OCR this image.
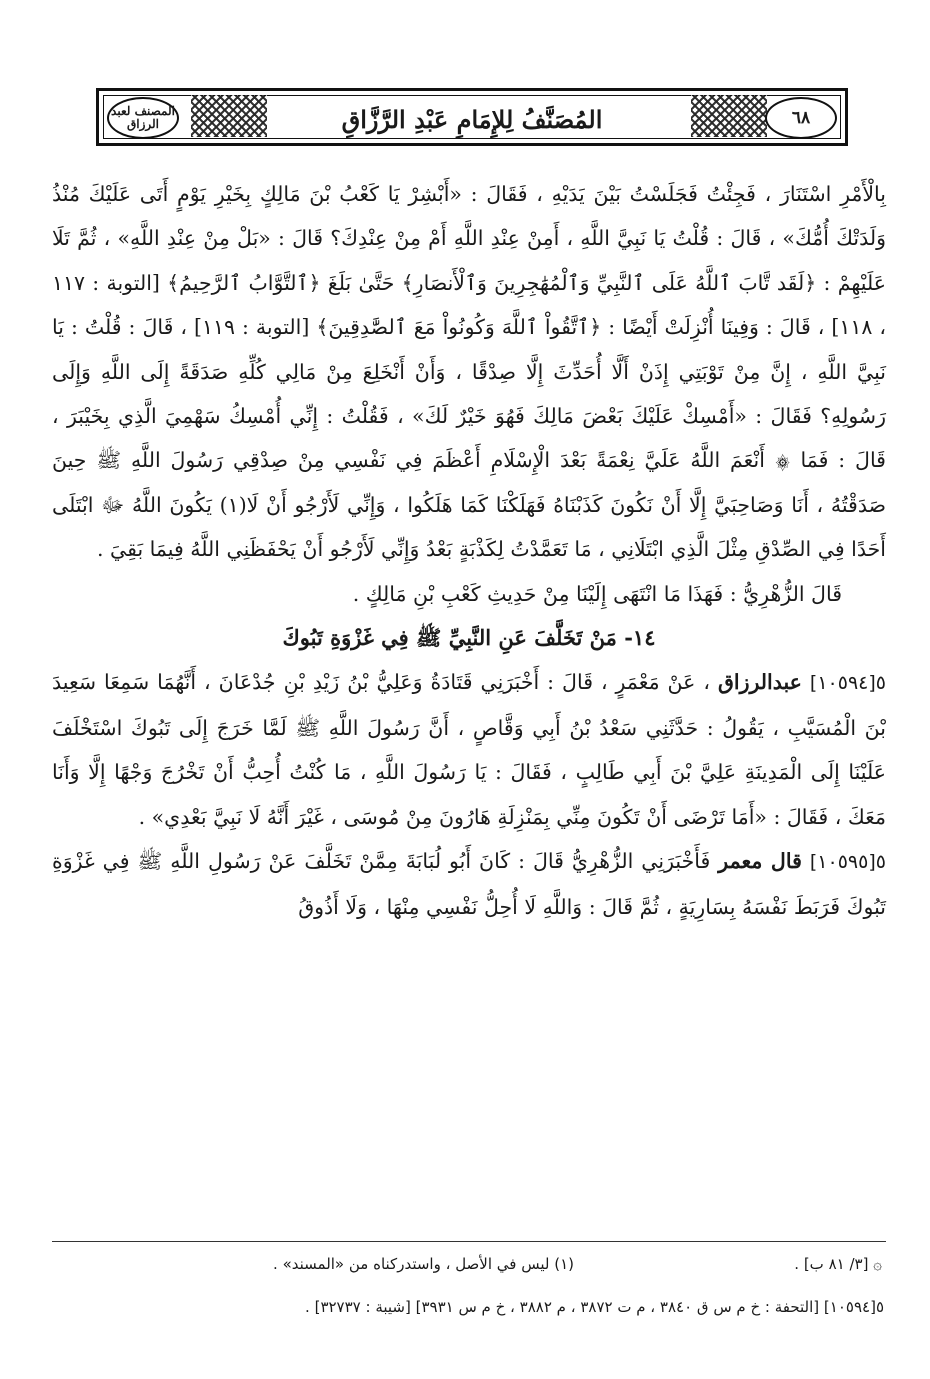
المصنف لعبد الرزاق	المُصَنَّفُ لِلإِمَامِ عَبْدِ الرَّزَّاقِ	٦٨

بِالْأَمْرِ اسْتَنَارَ ، فَجِئْتُ فَجَلَسْتُ بَيْنَ يَدَيْهِ ، فَقَالَ : «أَبْشِرْ يَا كَعْبُ بْنَ مَالِكٍ بِخَيْرِ يَوْمٍ أَتَى عَلَيْكَ مُنْذُ وَلَدَتْكَ أُمُّكَ» ، قَالَ : قُلْتُ يَا نَبِيَّ اللَّهِ ، أَمِنْ عِنْدِ اللَّهِ أَمْ مِنْ عِنْدِكَ؟ قَالَ : «بَلْ مِنْ عِنْدِ اللَّهِ» ، ثُمَّ تَلَا عَلَيْهِمْ : ﴿لَقَد تَّابَ ٱللَّهُ عَلَى ٱلنَّبِيِّ وَٱلْمُهَٰجِرِينَ وَٱلْأَنصَارِ﴾ حَتَّىٰ بَلَغَ ﴿ٱلتَّوَّابُ ٱلرَّحِيمُ﴾ [التوبة : ١١٧ ، ١١٨] ، قَالَ : وَفِينَا أُنْزِلَتْ أَيْضًا : ﴿ٱتَّقُواْ ٱللَّهَ وَكُونُواْ مَعَ ٱلصَّٰدِقِينَ﴾ [التوبة : ١١٩] ، قَالَ : قُلْتُ : يَا نَبِيَّ اللَّهِ ، إِنَّ مِنْ تَوْبَتِي إِذَنْ أَلَّا أُحَدِّثَ إِلَّا صِدْقًا ، وَأَنْ أَنْخَلِعَ مِنْ مَالِي كُلِّهِ صَدَقَةً إِلَى اللَّهِ وَإِلَى رَسُولِهِ؟ فَقَالَ : «أَمْسِكْ عَلَيْكَ بَعْضَ مَالِكَ فَهُوَ خَيْرٌ لَكَ» ، فَقُلْتُ : إِنِّي أُمْسِكُ سَهْمِيَ الَّذِي بِخَيْبَرَ ، قَالَ : فَمَا ۞ أَنْعَمَ اللَّهُ عَلَيَّ نِعْمَةً بَعْدَ الْإِسْلَامِ أَعْظَمَ فِي نَفْسِي مِنْ صِدْقِي رَسُولَ اللَّهِ ﷺ حِينَ صَدَقْتُهُ ، أَنَا وَصَاحِبَيَّ إِلَّا أَنْ نَكُونَ كَذَبْنَاهُ فَهَلَكْنَا كَمَا هَلَكُوا ، وَإِنِّي لَأَرْجُو أَنْ لَا(١) يَكُونَ اللَّهُ ﷻ ابْتَلَى أَحَدًا فِي الصِّدْقِ مِثْلَ الَّذِي ابْتَلَانِي ، مَا تَعَمَّدْتُ لِكَذْبَةٍ بَعْدُ وَإِنِّي لَأَرْجُو أَنْ يَحْفَظَنِي اللَّهُ فِيمَا بَقِيَ .

قَالَ الزُّهْرِيُّ : فَهَذَا مَا انْتَهَى إِلَيْنَا مِنْ حَدِيثِ كَعْبِ بْنِ مَالِكٍ .

١٤- مَنْ تَخَلَّفَ عَنِ النَّبِيِّ ﷺ فِي غَزْوَةِ تَبُوكَ

٥[١٠٥٩٤] عبدالرزاق ، عَنْ مَعْمَرٍ ، قَالَ : أَخْبَرَنِي قَتَادَةُ وَعَلِيُّ بْنُ زَيْدِ بْنِ جُدْعَانَ ، أَنَّهُمَا سَمِعَا سَعِيدَ بْنَ الْمُسَيَّبِ ، يَقُولُ : حَدَّثَنِي سَعْدُ بْنُ أَبِي وَقَّاصٍ ، أَنَّ رَسُولَ اللَّهِ ﷺ لَمَّا خَرَجَ إِلَى تَبُوكَ اسْتَخْلَفَ عَلَيْنَا إِلَى الْمَدِينَةِ عَلِيَّ بْنَ أَبِي طَالِبٍ ، فَقَالَ : يَا رَسُولَ اللَّهِ ، مَا كُنْتُ أُحِبُّ أَنْ تَخْرُجَ وَجْهًا إِلَّا وَأَنَا مَعَكَ ، فَقَالَ : «أَمَا تَرْضَى أَنْ تَكُونَ مِنِّي بِمَنْزِلَةِ هَارُونَ مِنْ مُوسَى ، غَيْرَ أَنَّهُ لَا نَبِيَّ بَعْدِي» .

٥[١٠٥٩٥] قال معمر فَأَخْبَرَنِي الزُّهْرِيُّ قَالَ : كَانَ أَبُو لُبَابَةَ مِمَّنْ تَخَلَّفَ عَنْ رَسُولِ اللَّهِ ﷺ فِي غَزْوَةِ تَبُوكَ فَرَبَطَ نَفْسَهُ بِسَارِيَةٍ ، ثُمَّ قَالَ : وَاللَّهِ لَا أُحِلُّ نَفْسِي مِنْهَا ، وَلَا أَذُوقُ

(١) ليس في الأصل ، واستدركناه من «المسند» .	۞ [٣/ ٨١ ب] .
٥[١٠٥٩٤] [التحفة : خ م س ق ٣٨٤٠ ، م ت ٣٨٧٢ ، م ٣٨٨٢ ، خ م س ٣٩٣١] [شيبة : ٣٢٧٣٧] .
